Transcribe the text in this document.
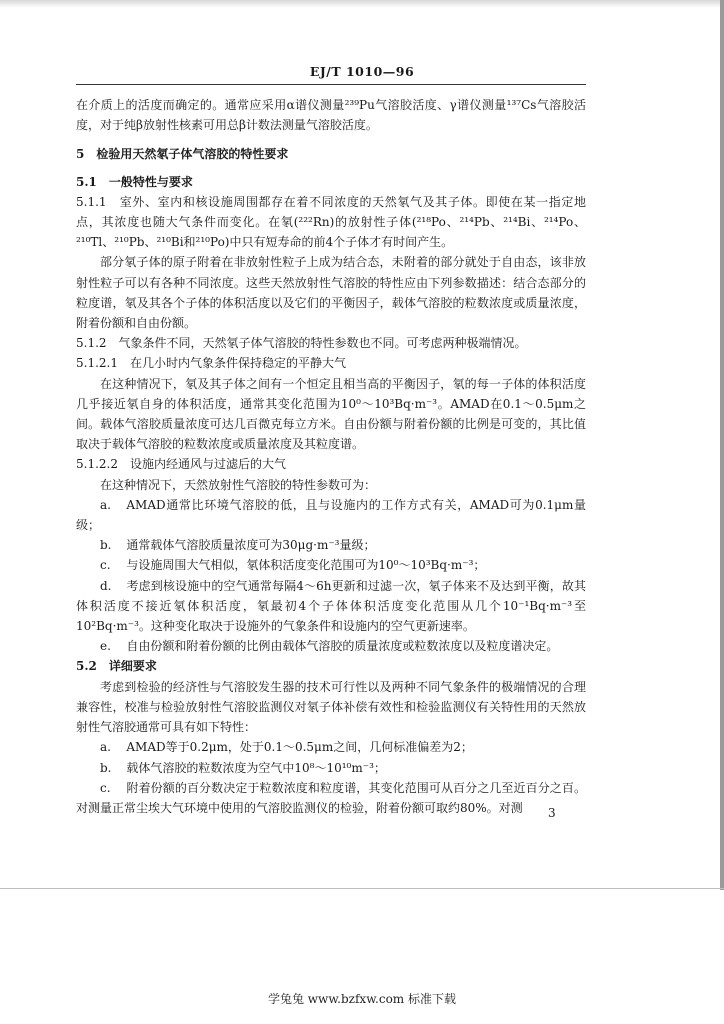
EJ/T 1010—96

在介质上的活度而确定的。通常应采用α谱仪测量²³⁹Pu气溶胶活度、γ谱仪测量¹³⁷Cs气溶胶活度，对于纯β放射性核素可用总β计数法测量气溶胶活度。

5　检验用天然氡子体气溶胶的特性要求

5.1　一般特性与要求

5.1.1　室外、室内和核设施周围都存在着不同浓度的天然氡气及其子体。即使在某一指定地点，其浓度也随大气条件而变化。在氡(²²²Rn)的放射性子体(²¹⁸Po、²¹⁴Pb、²¹⁴Bi、²¹⁴Po、²¹⁰Tl、²¹⁰Pb、²¹⁰Bi和²¹⁰Po)中只有短寿命的前4个子体才有时间产生。

部分氡子体的原子附着在非放射性粒子上成为结合态，未附着的部分就处于自由态，该非放射性粒子可以有各种不同浓度。这些天然放射性气溶胶的特性应由下列参数描述：结合态部分的粒度谱，氡及其各个子体的体积活度以及它们的平衡因子，载体气溶胶的粒数浓度或质量浓度，附着份额和自由份额。

5.1.2　气象条件不同，天然氡子体气溶胶的特性参数也不同。可考虑两种极端情况。

5.1.2.1　在几小时内气象条件保持稳定的平静大气

在这种情况下，氡及其子体之间有一个恒定且相当高的平衡因子，氡的每一子体的体积活度几乎接近氡自身的体积活度，通常其变化范围为10⁰～10³Bq·m⁻³。AMAD在0.1～0.5μm之间。载体气溶胶质量浓度可达几百微克每立方米。自由份额与附着份额的比例是可变的，其比值取决于载体气溶胶的粒数浓度或质量浓度及其粒度谱。

5.1.2.2　设施内经通风与过滤后的大气

在这种情况下，天然放射性气溶胶的特性参数可为：

a. AMAD通常比环境气溶胶的低，且与设施内的工作方式有关，AMAD可为0.1μm量级；

b. 通常载体气溶胶质量浓度可为30μg·m⁻³量级；

c. 与设施周围大气相似，氡体积活度变化范围可为10⁰～10³Bq·m⁻³；

d. 考虑到核设施中的空气通常每隔4～6h更新和过滤一次，氡子体来不及达到平衡，故其体积活度不接近氡体积活度，氡最初4个子体体积活度变化范围从几个10⁻¹Bq·m⁻³至10²Bq·m⁻³。这种变化取决于设施外的气象条件和设施内的空气更新速率。

e. 自由份额和附着份额的比例由载体气溶胶的质量浓度或粒数浓度以及粒度谱决定。

5.2　详细要求

考虑到检验的经济性与气溶胶发生器的技术可行性以及两种不同气象条件的极端情况的合理兼容性，校准与检验放射性气溶胶监测仪对氡子体补偿有效性和检验监测仪有关特性用的天然放射性气溶胶通常可具有如下特性：

a. AMAD等于0.2μm，处于0.1～0.5μm之间，几何标准偏差为2；

b. 载体气溶胶的粒数浓度为空气中10⁸～10¹⁰m⁻³；

c. 附着份额的百分数决定于粒数浓度和粒度谱，其变化范围可从百分之几至近百分之百。对测量正常尘埃大气环境中使用的气溶胶监测仪的检验，附着份额可取约80%。对测	3
学兔兔 www.bzfxw.com 标准下载
